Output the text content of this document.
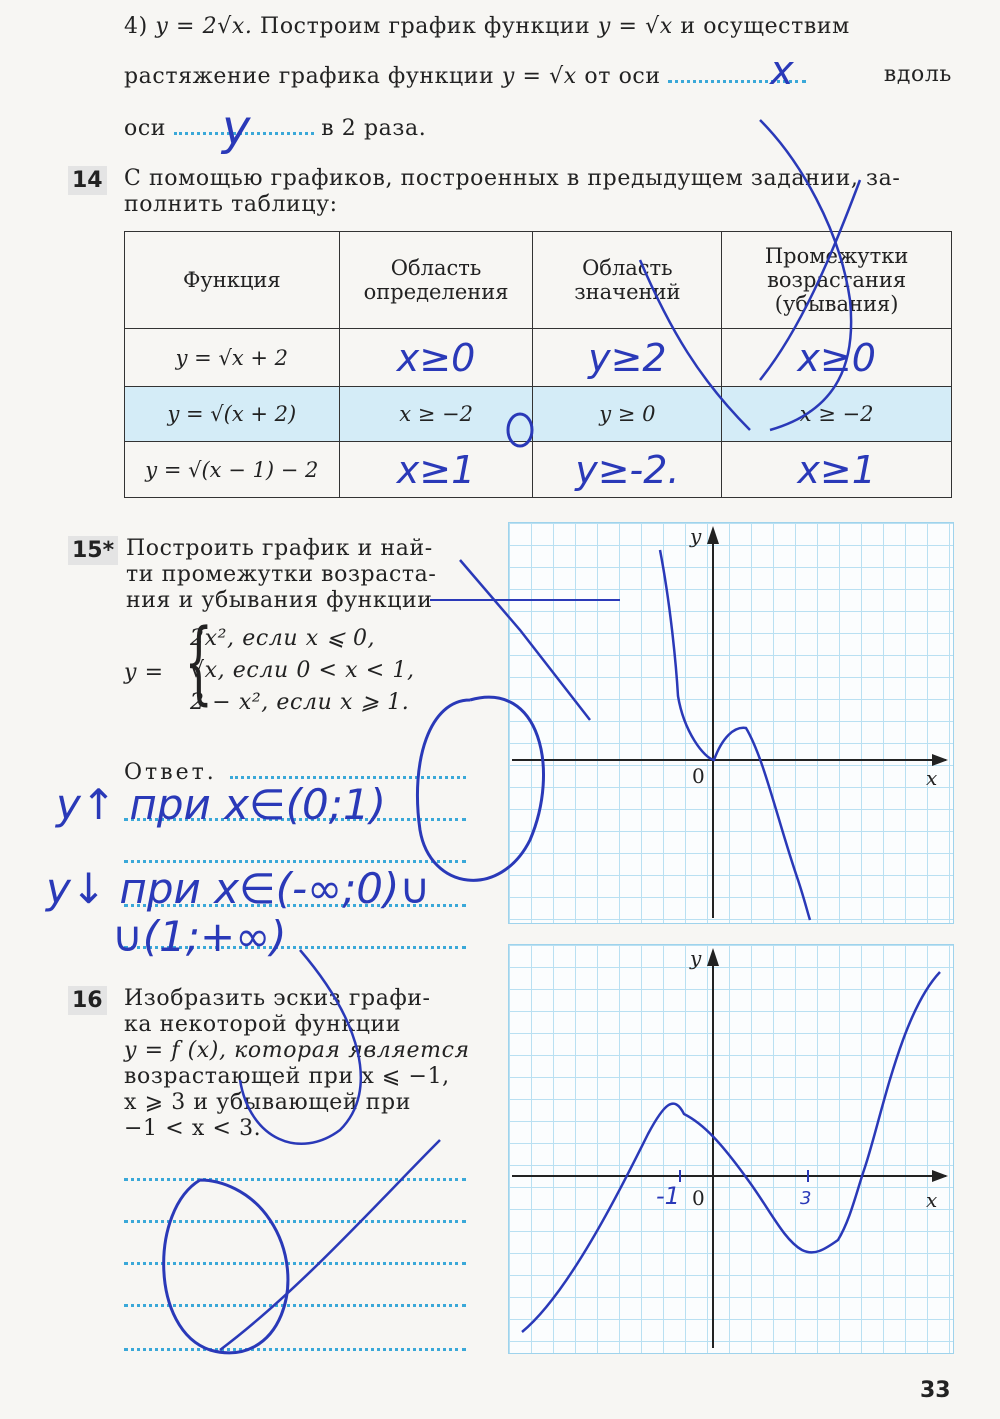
4) y = 2√x. Построим график функции y = √x и осуществим
растяжение графика функции y = √x от оси	вдоль
оси	в 2 раза.
x
y
14 С помощью графиков, построенных в предыдущем задании, за-
полнить таблицу:
Функция	Область определения	Область значений	Промежутки возрастания (убывания)
y = √x + 2	x≥0	y≥2	x≥0
y = √(x + 2)	x ≥ −2	y ≥ 0	x ≥ −2
y = √(x − 1) − 2	x≥1	y≥-2.	x≥1
15* Построить график и най-
ти промежутки возраста-
ния и убывания функции
y = {
2x², если x ⩽ 0,
√x, если 0 < x < 1,
2 − x², если x ⩾ 1.
Ответ.
y↑ при x∈(0;1)
y↓ при x∈(-∞;0)∪
∪(1;+∞)
y
x
0
16 Изобразить эскиз графи-
ка некоторой функции
y = f (x), которая является
возрастающей при x ⩽ −1,
x ⩾ 3 и убывающей при
−1 < x < 3.
y
x
0
-1	3
33
